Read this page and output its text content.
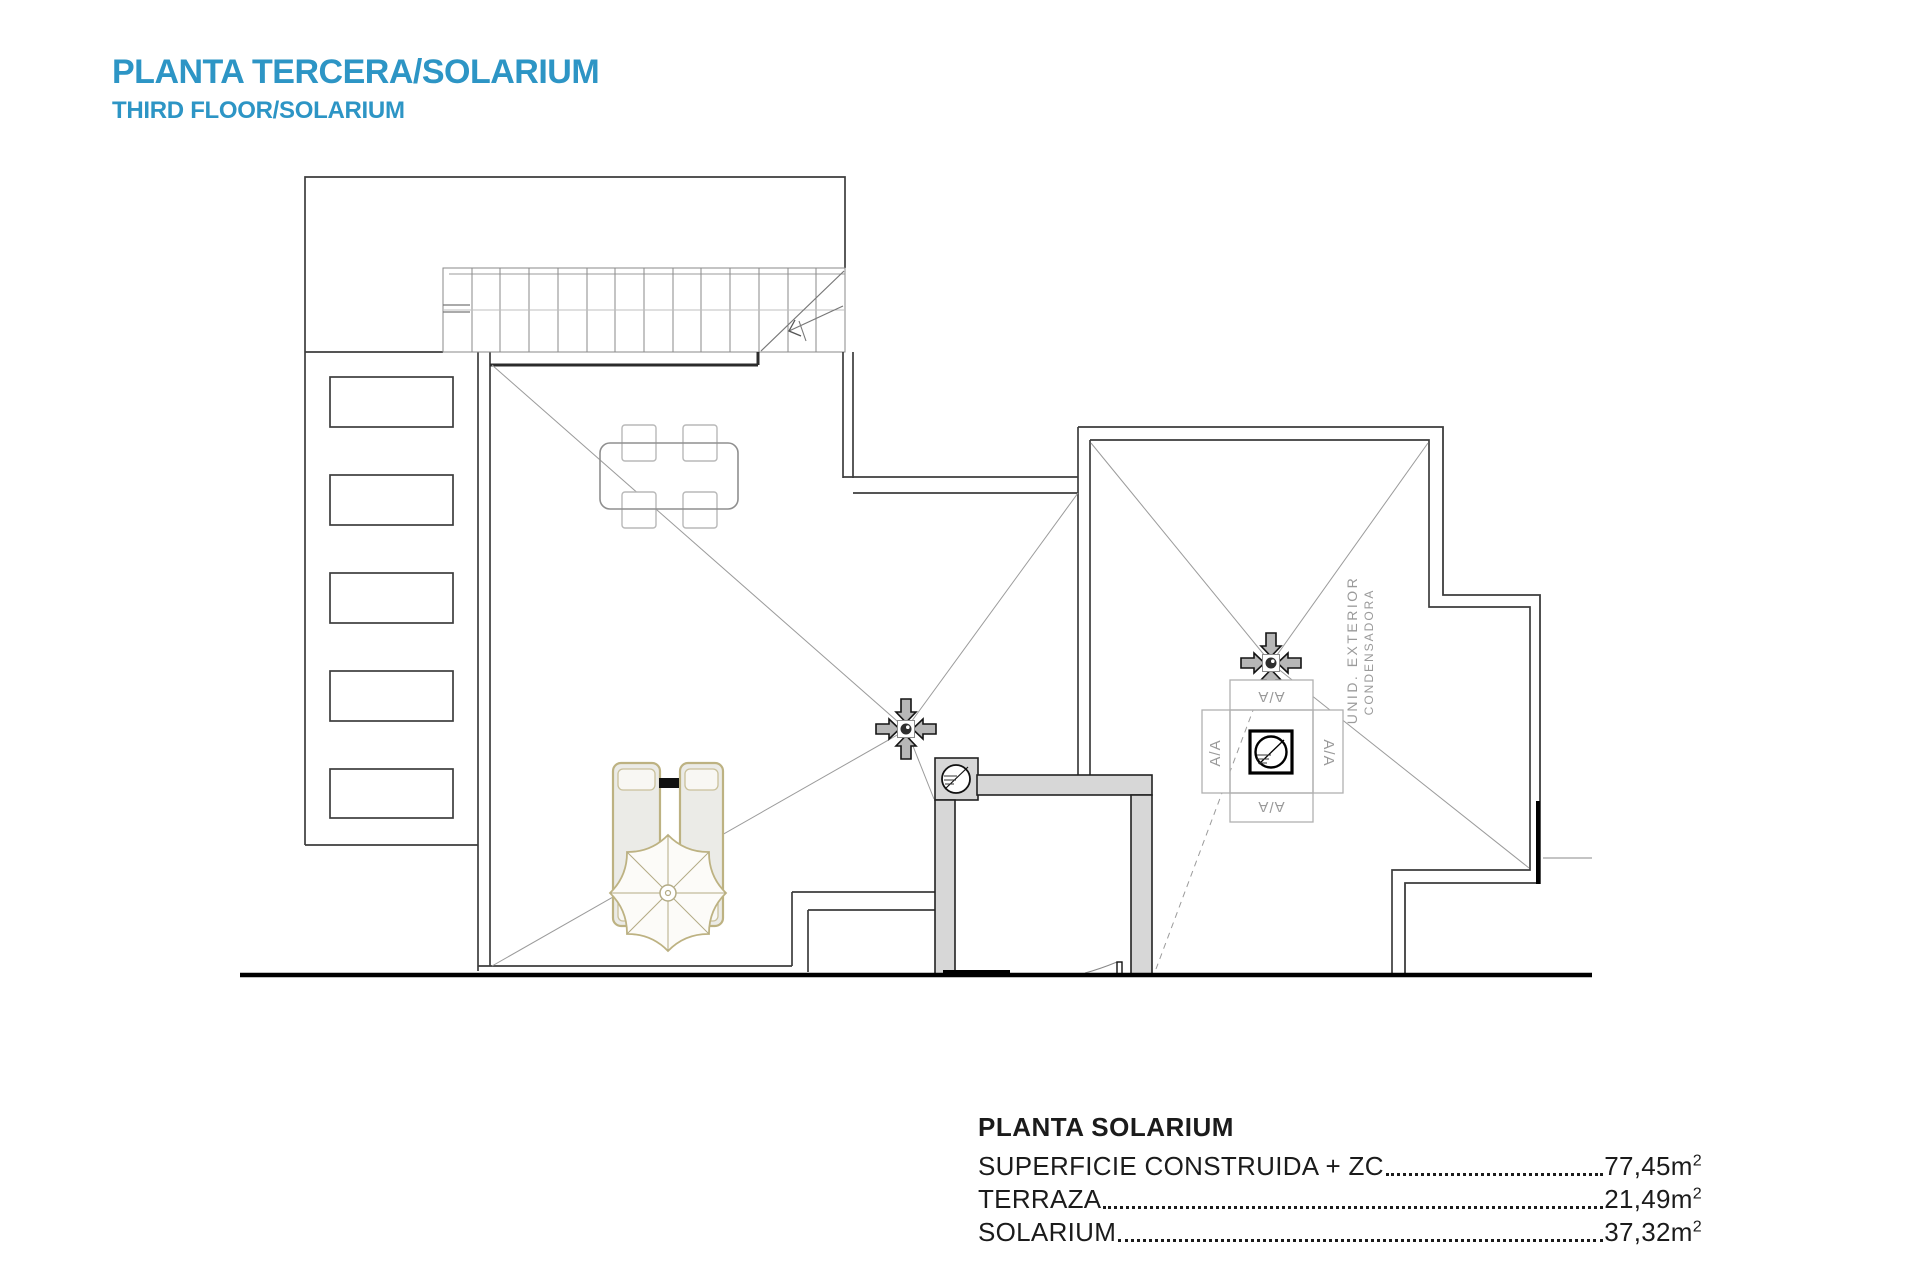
A/A
A/A
A/A	A/A
UNID. EXTERIOR CONDENSADORA
PLANTA TERCERA/SOLARIUM
THIRD FLOOR/SOLARIUM
PLANTA SOLARIUM
SUPERFICIE CONSTRUIDA + ZC	$77,45m^2$
TERRAZA	$21,49m^2$
SOLARIUM	$37,32m^2$
